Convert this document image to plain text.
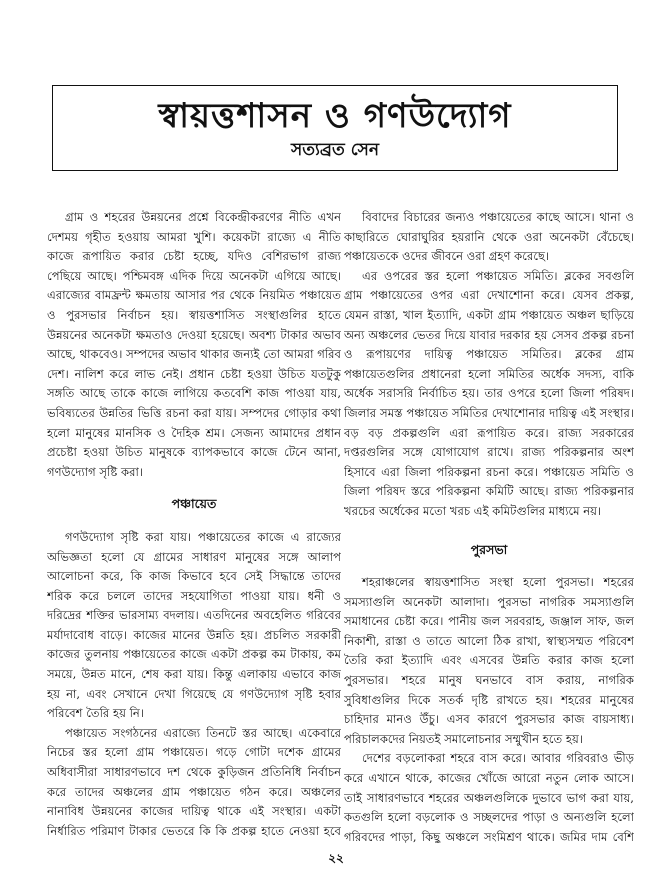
স্বায়ত্তশাসন ও গণউদ্যোগ
সত্যব্রত সেন

গ্রাম ও শহরের উন্নয়নের প্রশ্নে বিকেন্দ্রীকরণের নীতি এখন দেশময় গৃহীত হওয়ায় আমরা খুশি। কয়েকটা রাজ্যে এ নীতি কাজে রূপায়িত করার চেষ্টা হচ্ছে, যদিও বেশিরভাগ রাজ্য পেছিয়ে আছে। পশ্চিমবঙ্গ এদিক দিয়ে অনেকটা এগিয়ে আছে। এরাজ্যের বামফ্রন্ট ক্ষমতায় আসার পর থেকে নিয়মিত পঞ্চায়েত ও পুরসভার নির্বাচন হয়। স্বায়ত্তশাসিত সংস্থাগুলির হাতে উন্নয়নের অনেকটা ক্ষমতাও দেওয়া হয়েছে। অবশ্য টাকার অভাব আছে, থাকবেও। সম্পদের অভাব থাকার জন্যই তো আমরা গরিব দেশ। নালিশ করে লাভ নেই। প্রধান চেষ্টা হওয়া উচিত যতটুকু সঙ্গতি আছে তাকে কাজে লাগিয়ে কতবেশি কাজ পাওয়া যায়, ভবিষ্যতের উন্নতির ভিত্তি রচনা করা যায়। সম্পদের গোড়ার কথা হলো মানুষের মানসিক ও দৈহিক শ্রম। সেজন্য আমাদের প্রধান প্রচেষ্টা হওয়া উচিত মানুষকে ব্যাপকভাবে কাজে টেনে আনা, গণউদ্যোগ সৃষ্টি করা।

পঞ্চায়েত

গণউদ্যোগ সৃষ্টি করা যায়। পঞ্চায়েতের কাজে এ রাজ্যের অভিজ্ঞতা হলো যে গ্রামের সাধারণ মানুষের সঙ্গে আলাপ আলোচনা করে, কি কাজ কিভাবে হবে সেই সিদ্ধান্তে তাদের শরিক করে চললে তাদের সহযোগিতা পাওয়া যায়। ধনী ও দরিদ্রের শক্তির ভারসাম্য বদলায়। এতদিনের অবহেলিত গরিবের মর্যাদাবোধ বাড়ে। কাজের মানের উন্নতি হয়। প্রচলিত সরকারী কাজের তুলনায় পঞ্চায়েতের কাজে একটা প্রকল্প কম টাকায়, কম সময়ে, উন্নত মানে, শেষ করা যায়। কিন্তু এলাকায় এভাবে কাজ হয় না, এবং সেখানে দেখা গিয়েছে যে গণউদ্যোগ সৃষ্টি হবার পরিবেশ তৈরি হয় নি।

পঞ্চায়েত সংগঠনের এরাজ্যে তিনটে স্তর আছে। একেবারে নিচের স্তর হলো গ্রাম পঞ্চায়েত। গড়ে গোটা দশেক গ্রামের অধিবাসীরা সাধারণভাবে দশ থেকে কুড়িজন প্রতিনিধি নির্বাচন করে তাদের অঞ্চলের গ্রাম পঞ্চায়েত গঠন করে। অঞ্চলের নানাবিধ উন্নয়নের কাজের দায়িত্ব থাকে এই সংস্থার। একটা নির্ধারিত পরিমাণ টাকার ভেতরে কি কি প্রকল্প হাতে নেওয়া হবে

বিবাদের বিচারের জন্যও পঞ্চায়েতের কাছে আসে। থানা ও কাছারিতে ঘোরাঘুরির হয়রানি থেকে ওরা অনেকটা বেঁচেছে। পঞ্চায়েতকে ওদের জীবনে ওরা গ্রহণ করেছে।

এর ওপরের স্তর হলো পঞ্চায়েত সমিতি। ব্লকের সবগুলি গ্রাম পঞ্চায়েতের ওপর এরা দেখাশোনা করে। যেসব প্রকল্প, যেমন রাস্তা, খাল ইত্যাদি, একটা গ্রাম পঞ্চায়েত অঞ্চল ছাড়িয়ে অন্য অঞ্চলের ভেতর দিয়ে যাবার দরকার হয় সেসব প্রকল্প রচনা ও রূপায়ণের দায়িত্ব পঞ্চায়েত সমিতির। ব্লকের গ্রাম পঞ্চায়েতগুলির প্রধানেরা হলো সমিতির অর্ধেক সদস্য, বাকি অর্ধেক সরাসরি নির্বাচিত হয়। তার ওপরে হলো জিলা পরিষদ। জিলার সমস্ত পঞ্চায়েত সমিতির দেখাশোনার দায়িত্ব এই সংস্থার। বড় বড় প্রকল্পগুলি এরা রূপায়িত করে। রাজ্য সরকারের দপ্তরগুলির সঙ্গে যোগাযোগ রাখে। রাজ্য পরিকল্পনার অংশ হিসাবে এরা জিলা পরিকল্পনা রচনা করে। পঞ্চায়েত সমিতি ও জিলা পরিষদ স্তরে পরিকল্পনা কমিটি আছে। রাজ্য পরিকল্পনার খরচের অর্ধেকের মতো খরচ এই কমিটগুলির মাধ্যমে নয়।

পুরসভা

শহরাঞ্চলের স্বায়ত্তশাসিত সংস্থা হলো পুরসভা। শহরের সমস্যাগুলি অনেকটা আলাদা। পুরসভা নাগরিক সমস্যাগুলি সমাধানের চেষ্টা করে। পানীয় জল সরবরাহ, জঞ্জাল সাফ, জল নিকাশী, রাস্তা ও তাতে আলো ঠিক রাখা, স্বাস্থ্যসম্মত পরিবেশ তৈরি করা ইত্যাদি এবং এসবের উন্নতি করার কাজ হলো পুরসভার। শহরে মানুষ ঘনভাবে বাস করায়, নাগরিক সুবিধাগুলির দিকে সতর্ক দৃষ্টি রাখতে হয়। শহরের মানুষের চাহিদার মানও উঁচু। এসব কারণে পুরসভার কাজ বায়সাধ্য। পরিচালকদের নিয়তই সমালোচনার সম্মুখীন হতে হয়।

দেশের বড়লোকরা শহরে বাস করে। আবার গরিবরাও ভীড় করে এখানে থাকে, কাজের খোঁজে আরো নতুন লোক আসে। তাই সাধারণভাবে শহরের অঞ্চলগুলিকে দুভাবে ভাগ করা যায়, কতগুলি হলো বড়লোক ও সচ্ছলদের পাড়া ও অন্যগুলি হলো গরিবদের পাড়া, কিছু অঞ্চলে সংমিশ্রণ থাকে। জমির দাম বেশি

২২
